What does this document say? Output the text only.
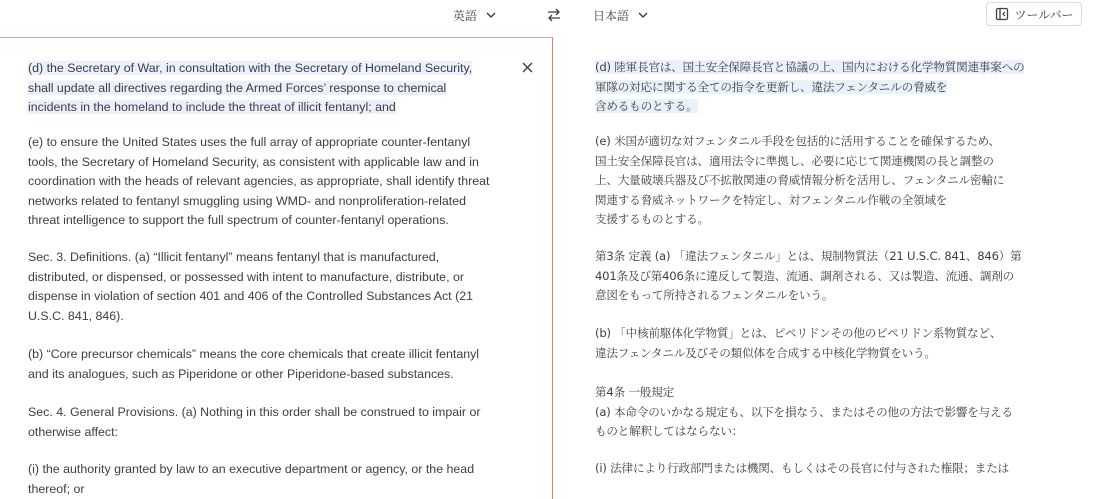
英語	日本語	ツールバー
(d) the Secretary of War, in consultation with the Secretary of Homeland Security,
shall update all directives regarding the Armed Forces’ response to chemical
incidents in the homeland to include the threat of illicit fentanyl; and
(e) to ensure the United States uses the full array of appropriate counter-fentanyl
tools, the Secretary of Homeland Security, as consistent with applicable law and in
coordination with the heads of relevant agencies, as appropriate, shall identify threat
networks related to fentanyl smuggling using WMD- and nonproliferation-related
threat intelligence to support the full spectrum of counter-fentanyl operations.
Sec. 3. Definitions. (a) “Illicit fentanyl” means fentanyl that is manufactured,
distributed, or dispensed, or possessed with intent to manufacture, distribute, or
dispense in violation of section 401 and 406 of the Controlled Substances Act (21
U.S.C. 841, 846).
(b) “Core precursor chemicals” means the core chemicals that create illicit fentanyl
and its analogues, such as Piperidone or other Piperidone-based substances.
Sec. 4. General Provisions. (a) Nothing in this order shall be construed to impair or
otherwise affect:
(i) the authority granted by law to an executive department or agency, or the head
thereof; or
(d) 陸軍長官は、国土安全保障長官と協議の上、国内における化学物質関連事案への
軍隊の対応に関する全ての指令を更新し、違法フェンタニルの脅威を
含めるものとする。
(e) 米国が適切な対フェンタニル手段を包括的に活用することを確保するため、
国土安全保障長官は、適用法令に準拠し、必要に応じて関連機関の長と調整の
上、大量破壊兵器及び不拡散関連の脅威情報分析を活用し、フェンタニル密輸に
関連する脅威ネットワークを特定し、対フェンタニル作戦の全領域を
支援するものとする。
第3条 定義 (a) 「違法フェンタニル」とは、規制物質法（21 U.S.C. 841、846）第
401条及び第406条に違反して製造、流通、調剤される、又は製造、流通、調剤の
意図をもって所持されるフェンタニルをいう。
(b) 「中核前駆体化学物質」とは、ピペリドンその他のピペリドン系物質など、
違法フェンタニル及びその類似体を合成する中核化学物質をいう。
第4条 一般規定
(a) 本命令のいかなる規定も、以下を損なう、またはその他の方法で影響を与える
ものと解釈してはならない：
(i) 法律により行政部門または機関、もしくはその長官に付与された権限；または
